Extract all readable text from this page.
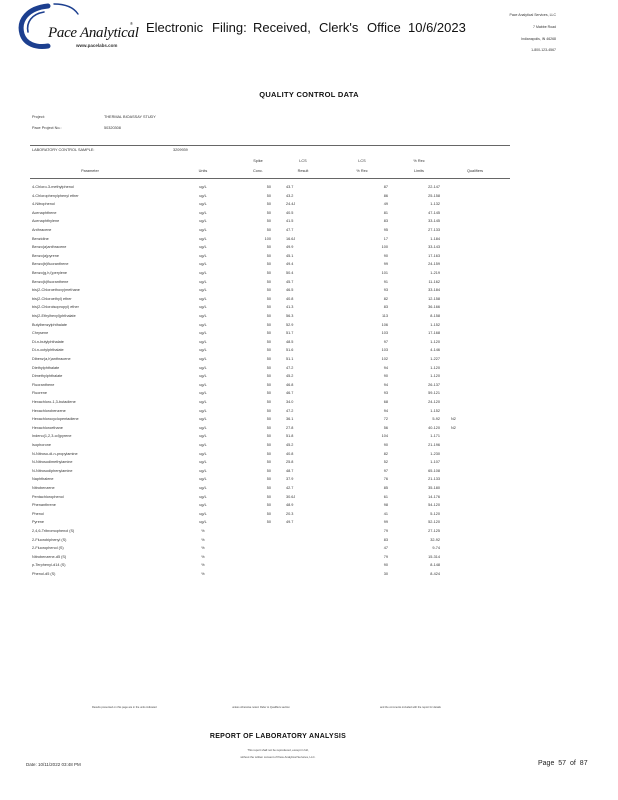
Pace Analytical
®
www.pacelabs.com
Electronic Filing: Received, Clerk's Office 10/6/2023
Pace Analytical Services, LLC
7 Mabbe Road
Indianapolis, IN 46268
1-800-123-4567
QUALITY CONTROL DATA
Project:	THERMAL BIOASSAY STUDY
Pace Project No.:	50320308
LABORATORY CONTROL SAMPLE:	3209939
Parameter	Units
Spike
Conc.
LCS
Result
LCS
% Rec
% Rec
Limits	Qualifiers
4-Chloro-3-methylphenol	ug/L	50	43.7	87	22-147
4-Chlorophenylphenyl ether	ug/L	50	43.2	86	25-158
4-Nitrophenol	ug/L	50	24.4J	49	1-132
Acenaphthene	ug/L	50	40.5	81	47-145
Acenaphthylene	ug/L	50	41.5	83	33-145
Anthracene	ug/L	50	47.7	95	27-133
Benzidine	ug/L	100	16.6J	17	1-184
Benzo(a)anthracene	ug/L	50	49.9	100	33-143
Benzo(a)pyrene	ug/L	50	45.1	90	17-163
Benzo(b)fluoranthene	ug/L	50	49.4	99	24-159
Benzo(g,h,i)perylene	ug/L	50	50.4	101	1-219
Benzo(k)fluoranthene	ug/L	50	45.7	91	11-162
bis(2-Chloroethoxy)methane	ug/L	50	46.5	93	33-184
bis(2-Chloroethyl) ether	ug/L	50	40.8	82	12-158
bis(2-Chloroisopropyl) ether	ug/L	50	41.3	83	36-166
bis(2-Ethylhexyl)phthalate	ug/L	50	56.3	113	8-158
Butylbenzylphthalate	ug/L	50	52.9	106	1-152
Chrysene	ug/L	50	51.7	103	17-168
Di-n-butylphthalate	ug/L	50	48.5	97	1-120
Di-n-octylphthalate	ug/L	50	51.6	103	4-146
Dibenz(a,h)anthracene	ug/L	50	51.1	102	1-227
Diethylphthalate	ug/L	50	47.2	94	1-120
Dimethylphthalate	ug/L	50	45.2	90	1-120
Fluoranthene	ug/L	50	46.8	94	26-137
Fluorene	ug/L	50	46.7	93	59-121
Hexachloro-1,3-butadiene	ug/L	50	34.0	68	24-120
Hexachlorobenzene	ug/L	50	47.2	94	1-152
Hexachlorocyclopentadiene	ug/L	50	36.1	72	5-92	N2
Hexachloroethane	ug/L	50	27.8	56	40-120	N2
Indeno(1,2,3-cd)pyrene	ug/L	50	51.8	104	1-171
Isophorone	ug/L	50	45.2	90	21-196
N-Nitroso-di-n-propylamine	ug/L	50	40.8	82	1-230
N-Nitrosodimethylamine	ug/L	50	25.8	52	1-107
N-Nitrosodiphenylamine	ug/L	50	48.7	97	65-108
Naphthalene	ug/L	50	37.9	76	21-133
Nitrobenzene	ug/L	50	42.7	85	35-180
Pentachlorophenol	ug/L	50	30.6J	61	14-176
Phenanthrene	ug/L	50	48.9	98	54-120
Phenol	ug/L	50	20.3	41	5-120
Pyrene	ug/L	50	49.7	99	52-120
2,4,6-Tribromophenol (S)	%	79	27-125
2-Fluorobiphenyl (S)	%	83	32-92
2-Fluorophenol (S)	%	47	9-74
Nitrobenzene-d5 (S)	%	79	15-314
p-Terphenyl-d14 (S)	%	90	8-148
Phenol-d5 (S)	%	30	8-424
Results presented on this page are in the units indicated	unless otherwise noted. Refer to Qualifiers section	and the comments included with the report for details
REPORT OF LABORATORY ANALYSIS
This report shall not be reproduced, except in full,
without the written consent of Pace Analytical Services, LLC.
Date: 10/11/2022 03:48 PM	Page 57 of 87
